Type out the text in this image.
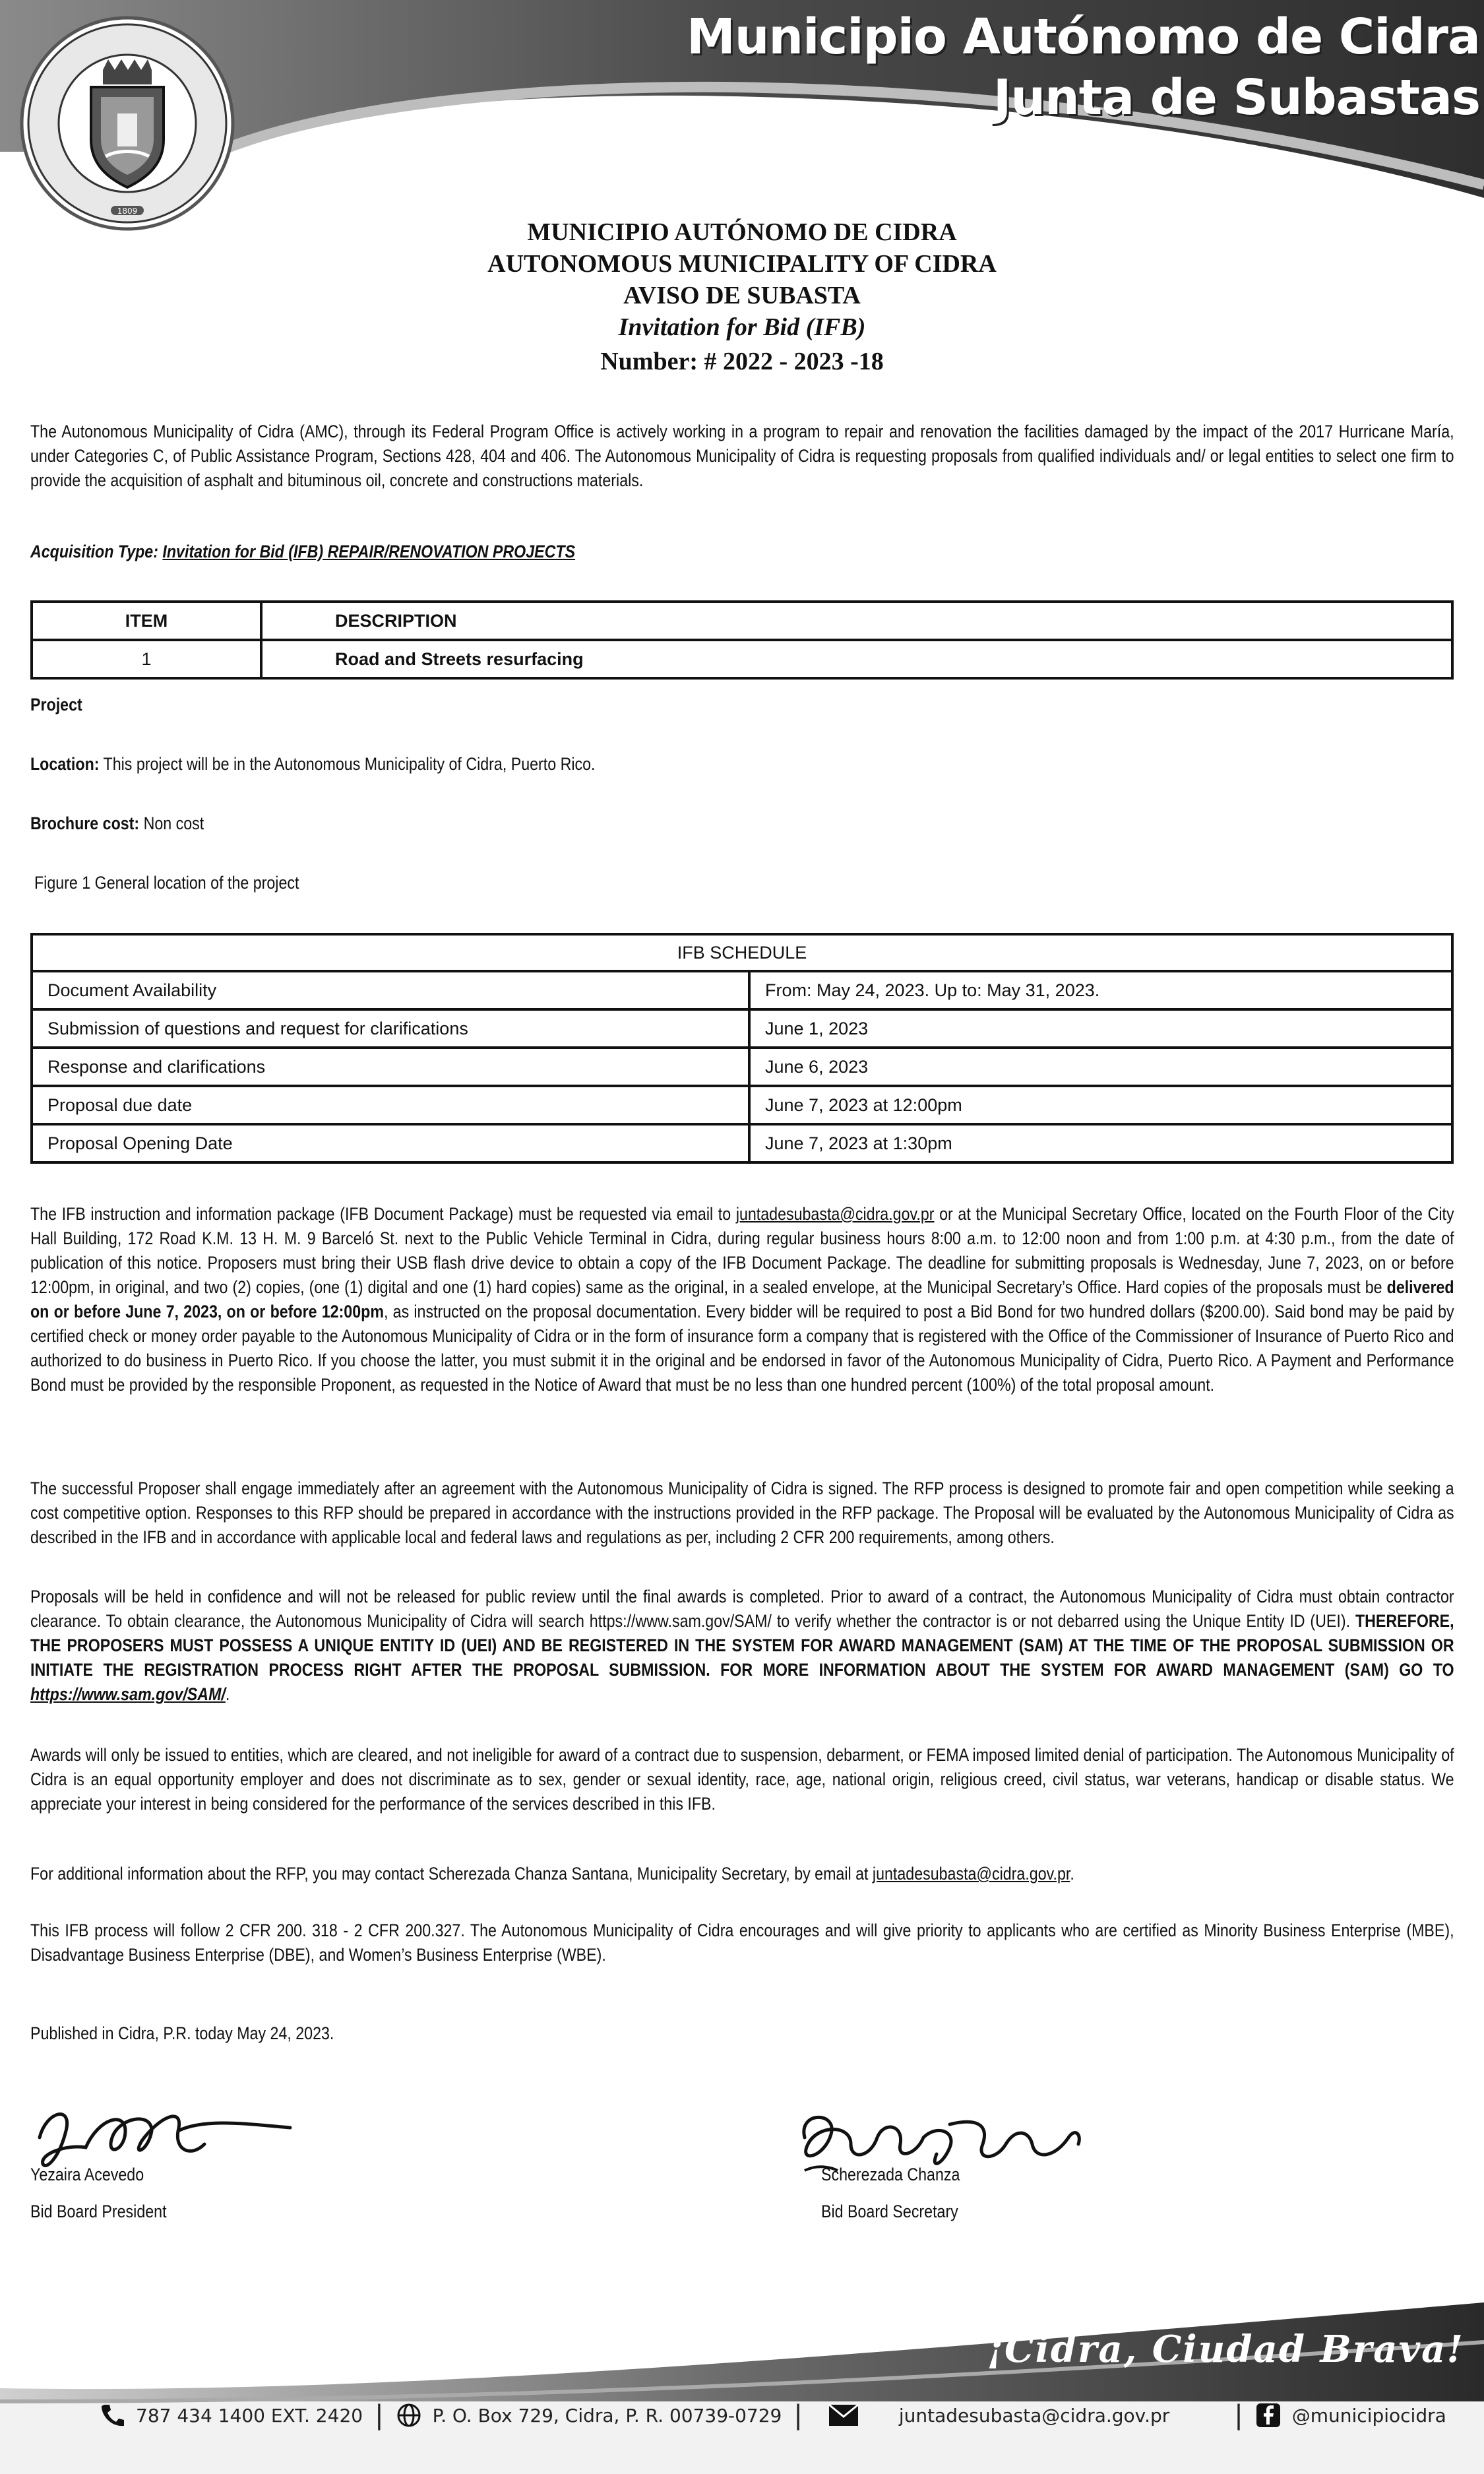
1809
Municipio Autónomo de Cidra
Junta de Subastas
MUNICIPIO AUTÓNOMO DE CIDRA
AUTONOMOUS MUNICIPALITY OF CIDRA
AVISO DE SUBASTA
Invitation for Bid (IFB)
Number: # 2022 - 2023 -18
The Autonomous Municipality of Cidra (AMC), through its Federal Program Office is actively working in a program to repair and renovation the facilities damaged by the impact of the 2017 Hurricane María, under Categories C, of Public Assistance Program, Sections 428, 404 and 406. The Autonomous Municipality of Cidra is requesting proposals from qualified individuals and/ or legal entities to select one firm to provide the acquisition of asphalt and bituminous oil, concrete and constructions materials.
Acquisition Type: Invitation for Bid (IFB) REPAIR/RENOVATION PROJECTS
ITEM	DESCRIPTION
1	Road and Streets resurfacing
Project
Location: This project will be in the Autonomous Municipality of Cidra, Puerto Rico.
Brochure cost: Non cost
Figure 1 General location of the project
IFB SCHEDULE	
Document Availability	From: May 24, 2023. Up to: May 31, 2023.
Submission of questions and request for clarifications	June 1, 2023
Response and clarifications	June 6, 2023
Proposal due date	June 7, 2023 at 12:00pm
Proposal Opening Date	June 7, 2023 at 1:30pm
The IFB instruction and information package (IFB Document Package) must be requested via email to juntadesubasta@cidra.gov.pr or at the Municipal Secretary Office, located on the Fourth Floor of the City Hall Building, 172 Road K.M. 13 H. M. 9 Barceló St. next to the Public Vehicle Terminal in Cidra, during regular business hours 8:00 a.m. to 12:00 noon and from 1:00 p.m. at 4:30 p.m., from the date of publication of this notice. Proposers must bring their USB flash drive device to obtain a copy of the IFB Document Package. The deadline for submitting proposals is Wednesday, June 7, 2023, on or before 12:00pm, in original, and two (2) copies, (one (1) digital and one (1) hard copies) same as the original, in a sealed envelope, at the Municipal Secretary’s Office. Hard copies of the proposals must be delivered on or before June 7, 2023, on or before 12:00pm, as instructed on the proposal documentation. Every bidder will be required to post a Bid Bond for two hundred dollars ($200.00). Said bond may be paid by certified check or money order payable to the Autonomous Municipality of Cidra or in the form of insurance form a company that is registered with the Office of the Commissioner of Insurance of Puerto Rico and authorized to do business in Puerto Rico. If you choose the latter, you must submit it in the original and be endorsed in favor of the Autonomous Municipality of Cidra, Puerto Rico. A Payment and Performance Bond must be provided by the responsible Proponent, as requested in the Notice of Award that must be no less than one hundred percent (100%) of the total proposal amount.
The successful Proposer shall engage immediately after an agreement with the Autonomous Municipality of Cidra is signed. The RFP process is designed to promote fair and open competition while seeking a cost competitive option. Responses to this RFP should be prepared in accordance with the instructions provided in the RFP package. The Proposal will be evaluated by the Autonomous Municipality of Cidra as described in the IFB and in accordance with applicable local and federal laws and regulations as per, including 2 CFR 200 requirements, among others.
Proposals will be held in confidence and will not be released for public review until the final awards is completed. Prior to award of a contract, the Autonomous Municipality of Cidra must obtain contractor clearance. To obtain clearance, the Autonomous Municipality of Cidra will search https://www.sam.gov/SAM/ to verify whether the contractor is or not debarred using the Unique Entity ID (UEI). THEREFORE, THE PROPOSERS MUST POSSESS A UNIQUE ENTITY ID (UEI) AND BE REGISTERED IN THE SYSTEM FOR AWARD MANAGEMENT (SAM) AT THE TIME OF THE PROPOSAL SUBMISSION OR INITIATE THE REGISTRATION PROCESS RIGHT AFTER THE PROPOSAL SUBMISSION. FOR MORE INFORMATION ABOUT THE SYSTEM FOR AWARD MANAGEMENT (SAM) GO TO https://www.sam.gov/SAM/.
Awards will only be issued to entities, which are cleared, and not ineligible for award of a contract due to suspension, debarment, or FEMA imposed limited denial of participation. The Autonomous Municipality of Cidra is an equal opportunity employer and does not discriminate as to sex, gender or sexual identity, race, age, national origin, religious creed, civil status, war veterans, handicap or disable status. We appreciate your interest in being considered for the performance of the services described in this IFB.
For additional information about the RFP, you may contact Scherezada Chanza Santana, Municipality Secretary, by email at juntadesubasta@cidra.gov.pr.
This IFB process will follow 2 CFR 200. 318 - 2 CFR 200.327. The Autonomous Municipality of Cidra encourages and will give priority to applicants who are certified as Minority Business Enterprise (MBE), Disadvantage Business Enterprise (DBE), and Women’s Business Enterprise (WBE).
Published in Cidra, P.R. today May 24, 2023.
Yezaira Acevedo
Bid Board President
Scherezada Chanza
Bid Board Secretary
¡Cidra, Ciudad Brava!
787 434 1400 EXT. 2420 |	P. O. Box 729, Cidra, P. R. 00739-0729 |	juntadesubasta@cidra.gov.pr |	@municipiocidra
